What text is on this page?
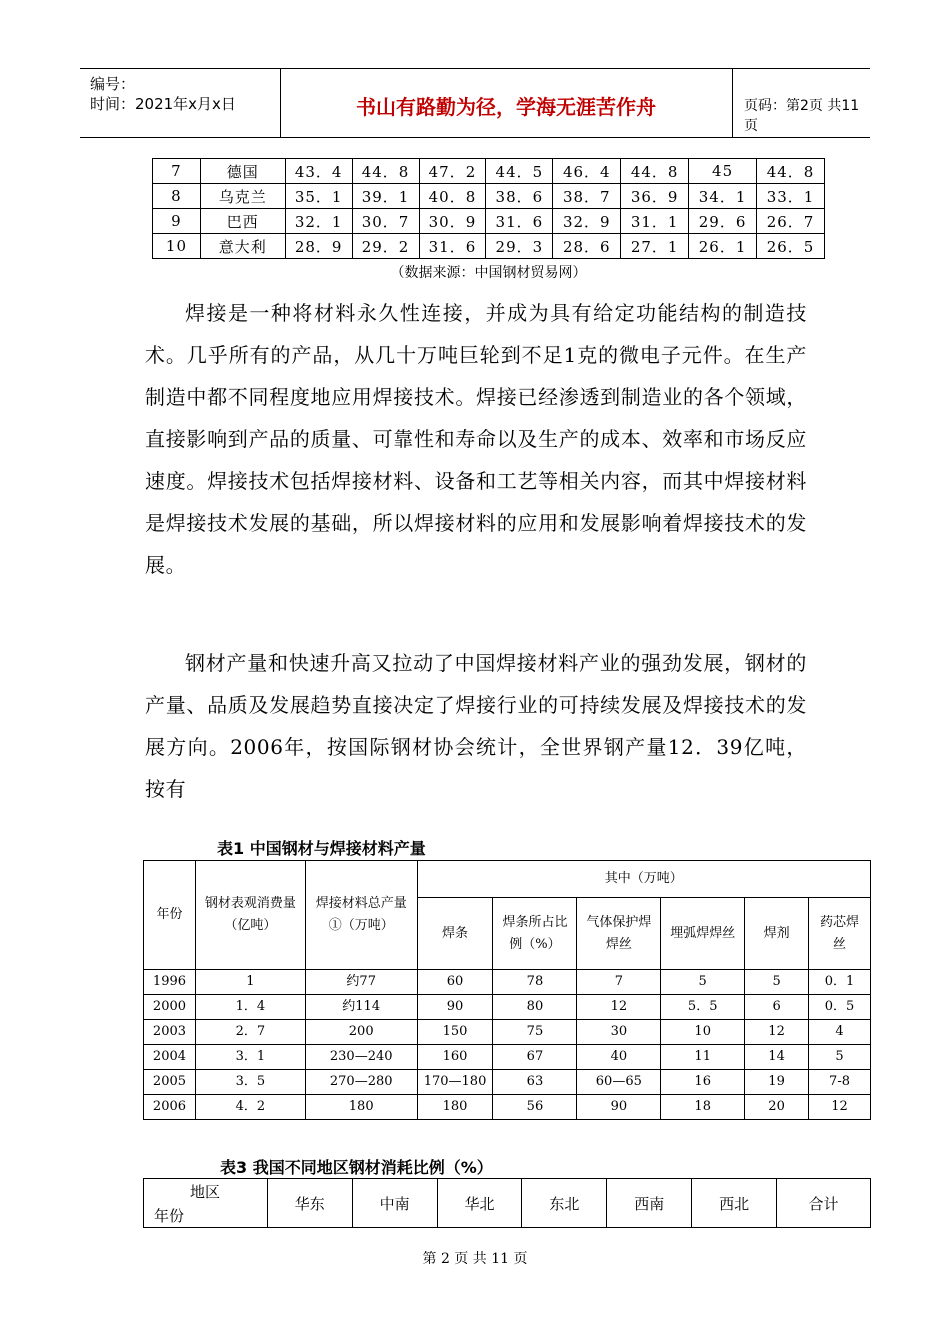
编号：
时间：2021年x月x日	书山有路勤为径，学海无涯苦作舟	页码：第2页 共11页
7	德国	43．4	44．8	47．2	44．5	46．4	44．8	45	44．8
8	乌克兰	35．1	39．1	40．8	38．6	38．7	36．9	34．1	33．1
9	巴西	32．1	30．7	30．9	31．6	32．9	31．1	29．6	26．7
10	意大利	28．9	29．2	31．6	29．3	28．6	27．1	26．1	26．5
（数据来源：中国钢材贸易网）

焊接是一种将材料永久性连接，并成为具有给定功能结构的制造技术。几乎所有的产品，从几十万吨巨轮到不足1克的微电子元件。在生产制造中都不同程度地应用焊接技术。焊接已经渗透到制造业的各个领域，直接影响到产品的质量、可靠性和寿命以及生产的成本、效率和市场反应速度。焊接技术包括焊接材料、设备和工艺等相关内容，而其中焊接材料是焊接技术发展的基础，所以焊接材料的应用和发展影响着焊接技术的发展。

钢材产量和快速升高又拉动了中国焊接材料产业的强劲发展，钢材的产量、品质及发展趋势直接决定了焊接行业的可持续发展及焊接技术的发展方向。2006年，按国际钢材协会统计，全世界钢产量12．39亿吨，按有

表1 中国钢材与焊接材料产量
年份	钢材表观消费量（亿吨）	焊接材料总产量①（万吨）	其中（万吨）					
			焊条	焊条所占比例（%）	气体保护焊焊丝	埋弧焊焊丝	焊剂	药芯焊丝
1996	1	约77	60	78	7	5	5	0．1
2000	1．4	约114	90	80	12	5．5	6	0．5
2003	2．7	200	150	75	30	10	12	4
2004	3．1	230—240	160	67	40	11	14	5
2005	3．5	270—280	170—180	63	60—65	16	19	7-8
2006	4．2	180	180	56	90	18	20	12
表3 我国不同地区钢材消耗比例（%）
地区
年份
	华东	中南	华北	东北	西南	西北	合计
第 2 页 共 11 页
